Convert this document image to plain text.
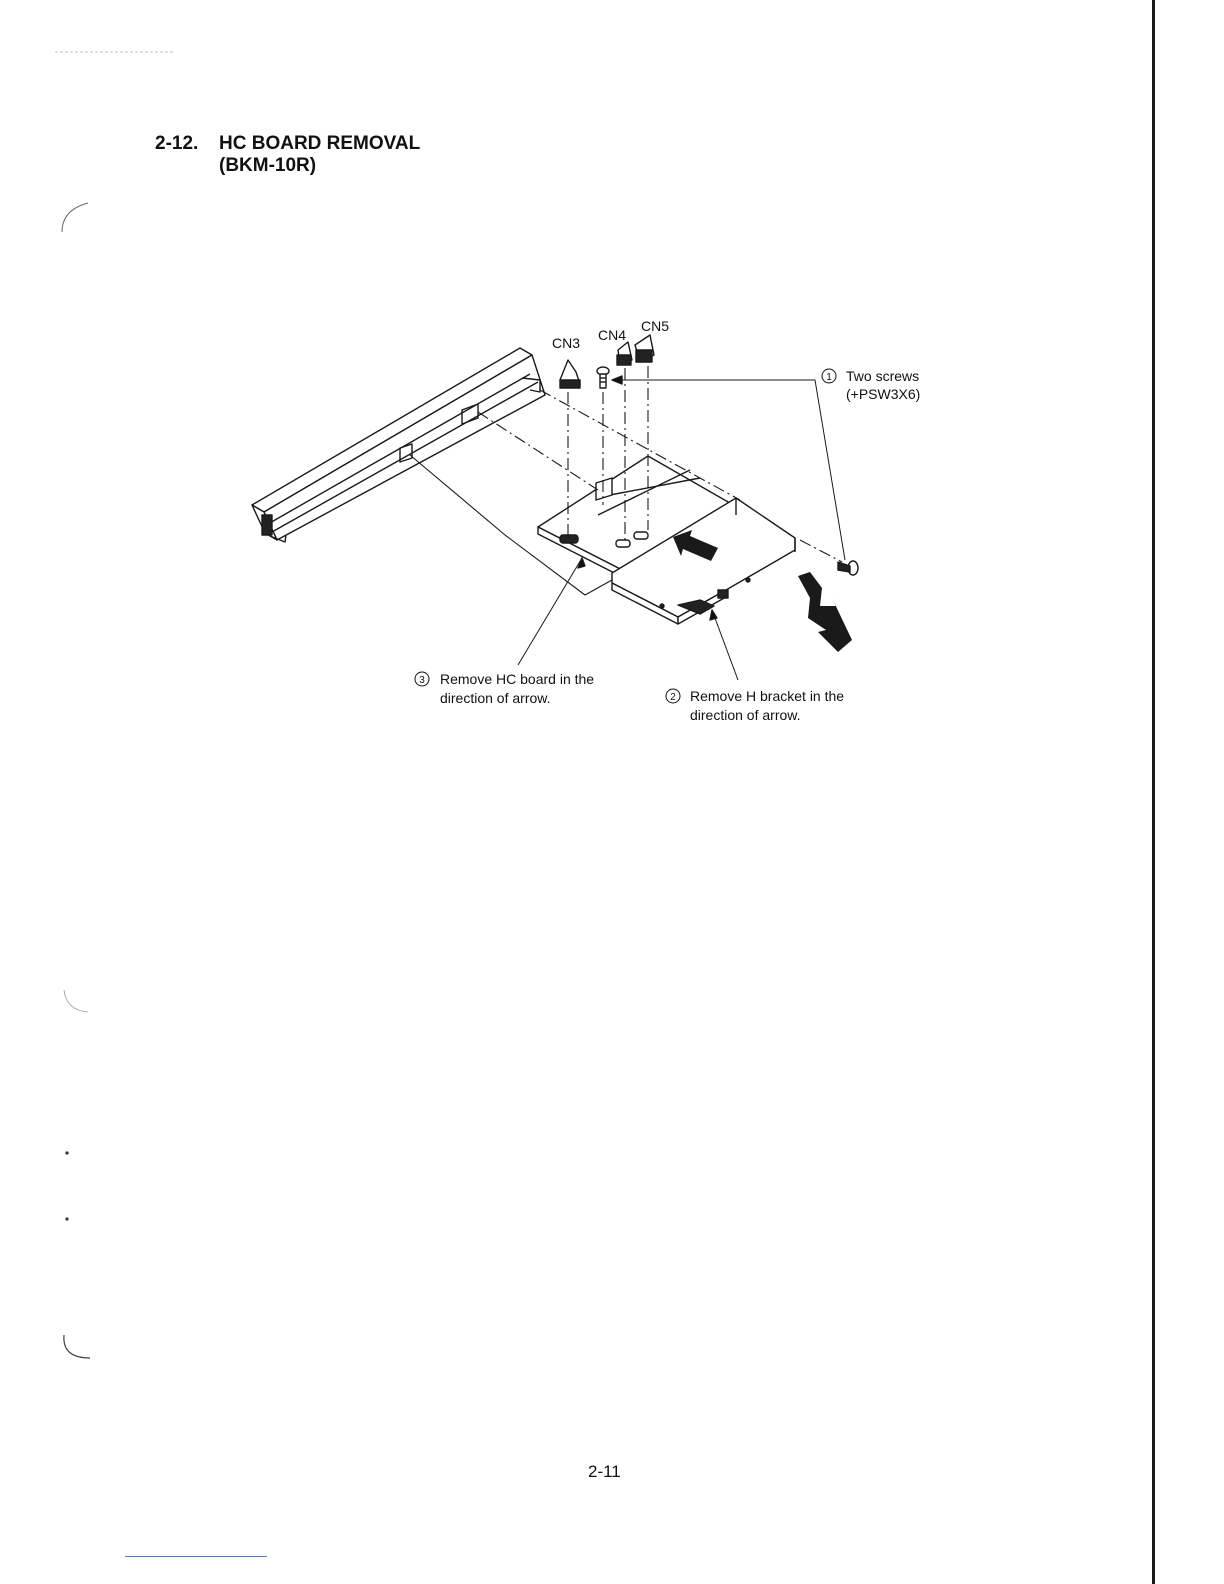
2-12. HC BOARD REMOVAL
(BKM-10R)
CN3 CN4
CN5
1 Two screws
(+PSW3X6)
3 Remove HC board in the
direction of arrow.	2 Remove H bracket in the
direction of arrow.
2-11
